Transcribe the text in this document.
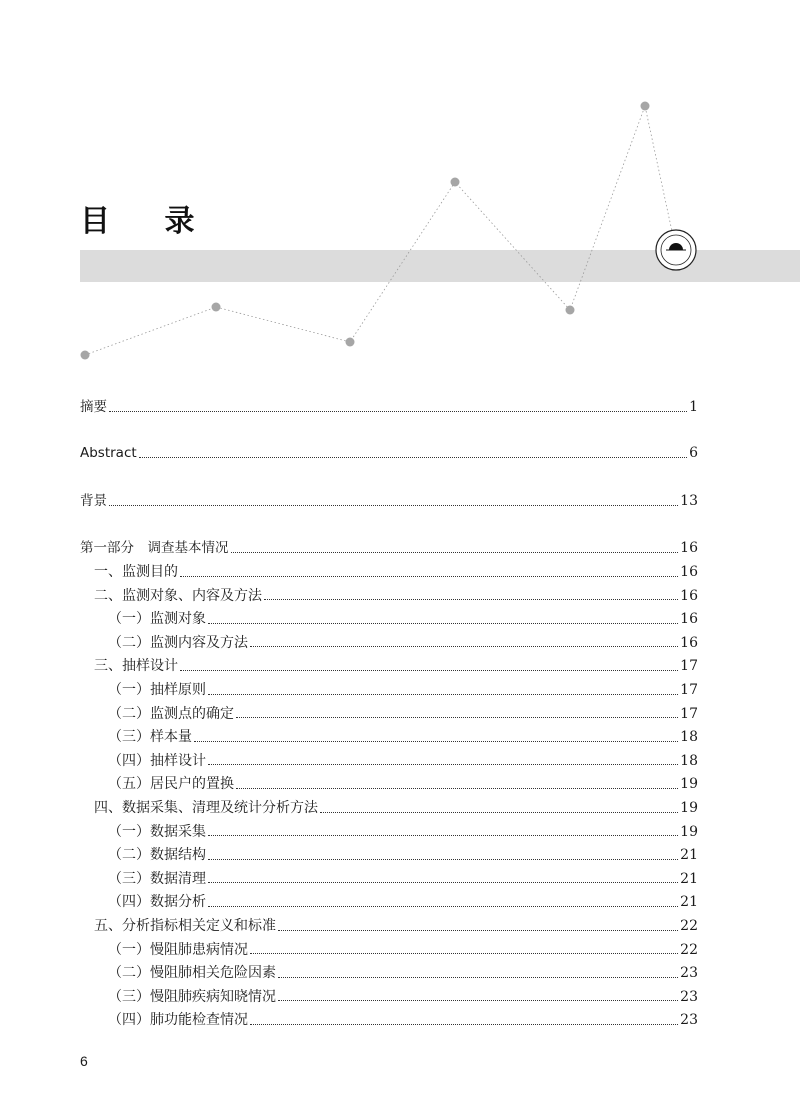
目 录
摘要	1
Abstract	6
背景	13
第一部分　调查基本情况	16
一、监测目的	16
二、监测对象、内容及方法	16
（一）监测对象	16
（二）监测内容及方法	16
三、抽样设计	17
（一）抽样原则	17
（二）监测点的确定	17
（三）样本量	18
（四）抽样设计	18
（五）居民户的置换	19
四、数据采集、清理及统计分析方法	19
（一）数据采集	19
（二）数据结构	21
（三）数据清理	21
（四）数据分析	21
五、分析指标相关定义和标准	22
（一）慢阻肺患病情况	22
（二）慢阻肺相关危险因素	23
（三）慢阻肺疾病知晓情况	23
（四）肺功能检查情况	23
6
